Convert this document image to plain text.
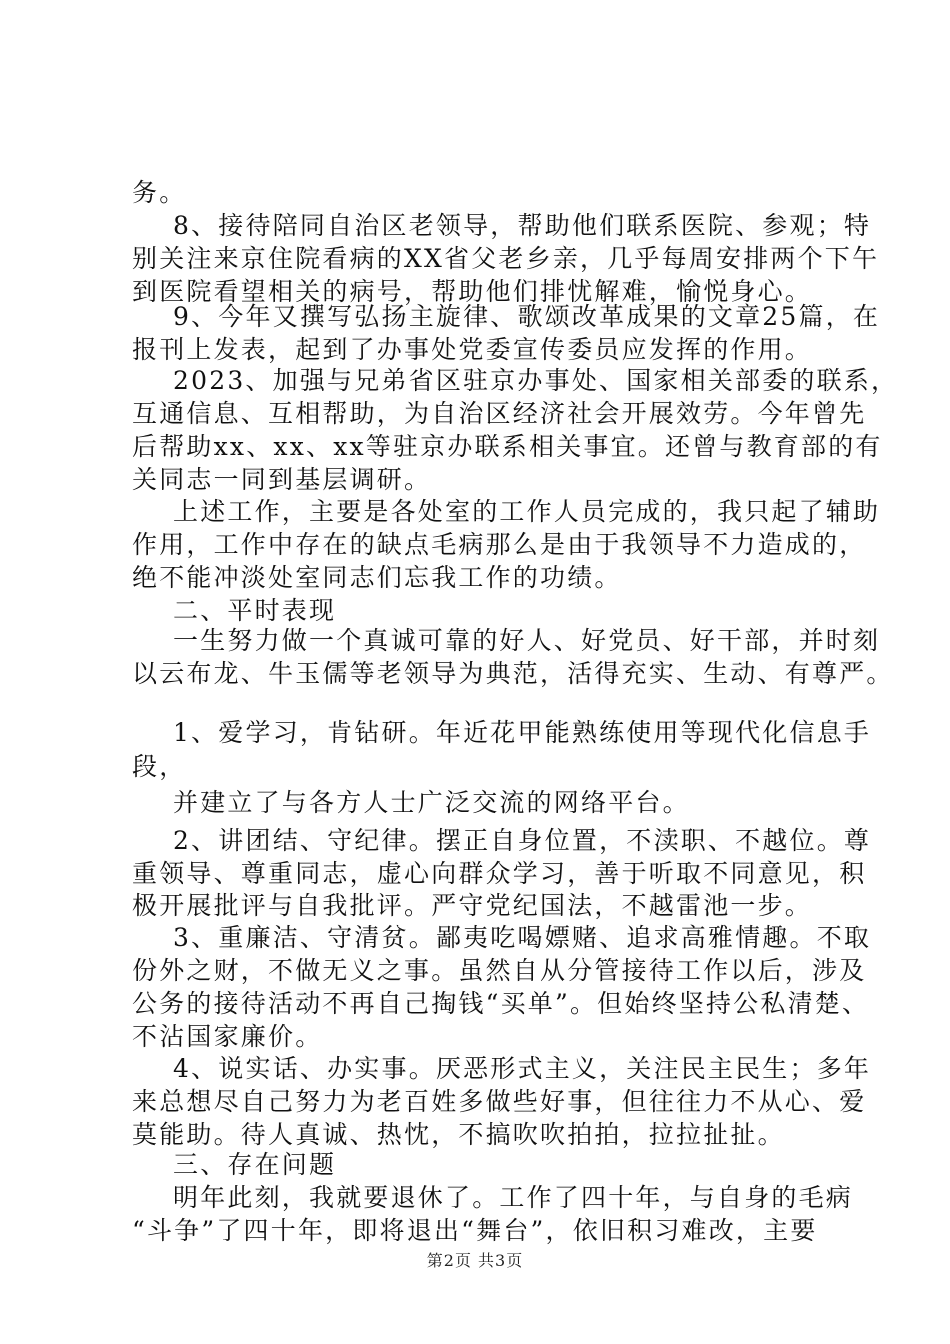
务。
8、接待陪同自治区老领导，帮助他们联系医院、参观；特
别关注来京住院看病的XX省父老乡亲，几乎每周安排两个下午
到医院看望相关的病号，帮助他们排忧解难，愉悦身心。
9、今年又撰写弘扬主旋律、歌颂改革成果的文章25篇，在
报刊上发表，起到了办事处党委宣传委员应发挥的作用。
2023、加强与兄弟省区驻京办事处、国家相关部委的联系，
互通信息、互相帮助，为自治区经济社会开展效劳。今年曾先
后帮助xx、xx、xx等驻京办联系相关事宜。还曾与教育部的有
关同志一同到基层调研。
上述工作，主要是各处室的工作人员完成的，我只起了辅助
作用，工作中存在的缺点毛病那么是由于我领导不力造成的，
绝不能冲淡处室同志们忘我工作的功绩。
二、平时表现
一生努力做一个真诚可靠的好人、好党员、好干部，并时刻
以云布龙、牛玉儒等老领导为典范，活得充实、生动、有尊严。
1、爱学习，肯钻研。年近花甲能熟练使用等现代化信息手
段，
并建立了与各方人士广泛交流的网络平台。
2、讲团结、守纪律。摆正自身位置，不渎职、不越位。尊
重领导、尊重同志，虚心向群众学习，善于听取不同意见，积
极开展批评与自我批评。严守党纪国法，不越雷池一步。
3、重廉洁、守清贫。鄙夷吃喝嫖赌、追求高雅情趣。不取
份外之财，不做无义之事。虽然自从分管接待工作以后，涉及
公务的接待活动不再自己掏钱“买单”。但始终坚持公私清楚、
不沾国家廉价。
4、说实话、办实事。厌恶形式主义，关注民主民生；多年
来总想尽自己努力为老百姓多做些好事，但往往力不从心、爱
莫能助。待人真诚、热忱，不搞吹吹拍拍，拉拉扯扯。
三、存在问题
明年此刻，我就要退休了。工作了四十年，与自身的毛病
“斗争”了四十年，即将退出“舞台”，依旧积习难改，主要
第2页 共3页
